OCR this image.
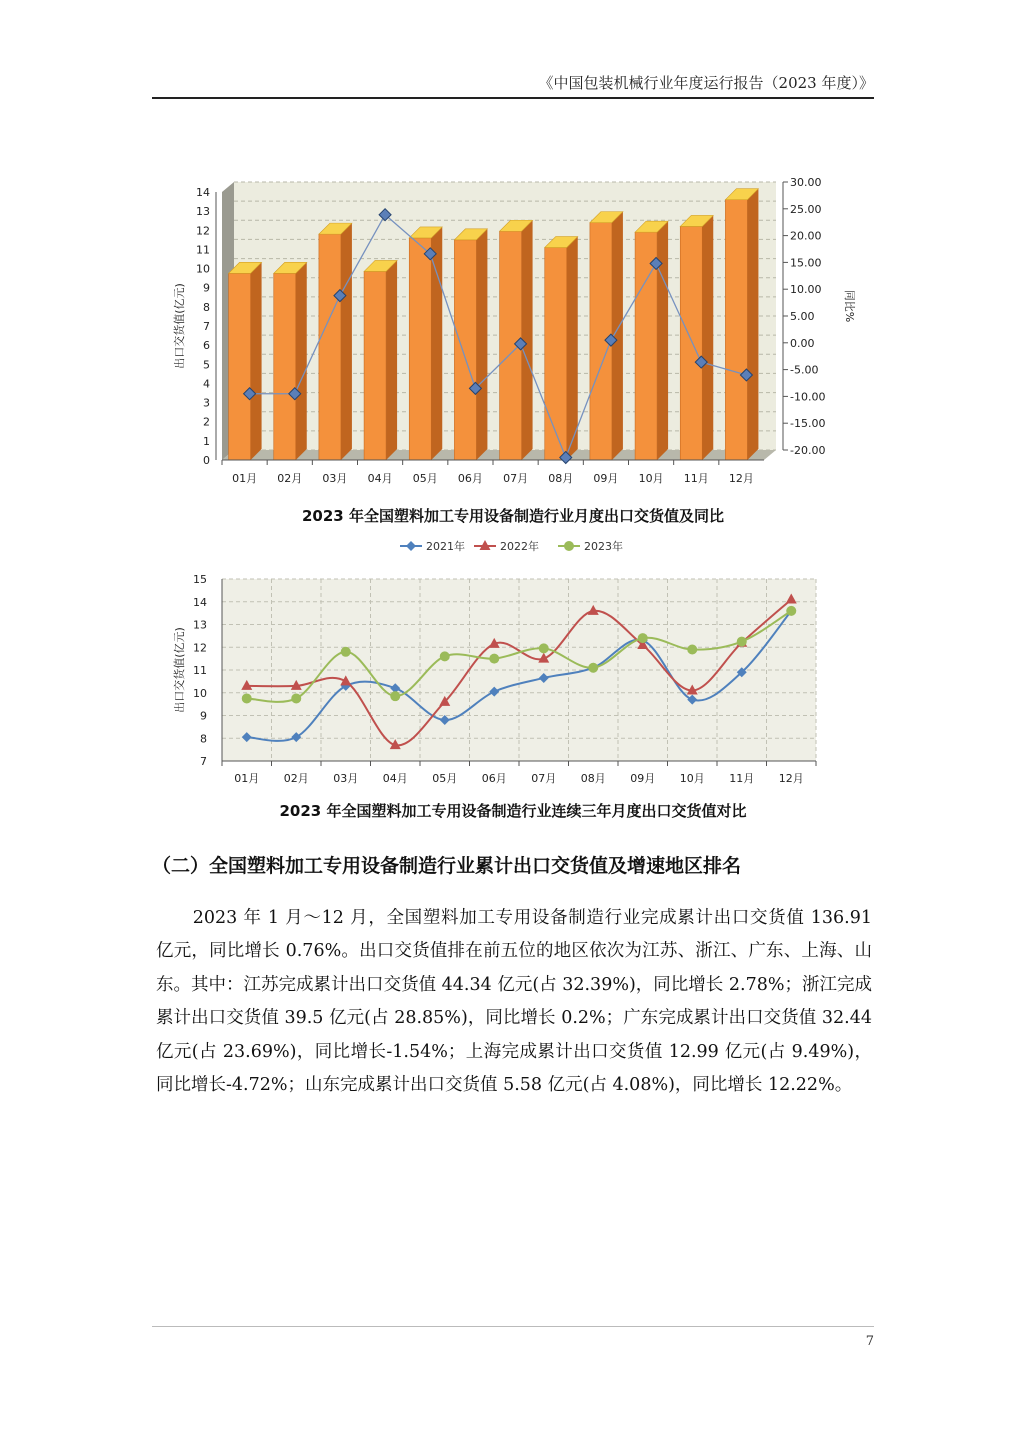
《中国包装机械行业年度运行报告（2023 年度）》
0
1
2
3
4
5
6
7
8
9
10
11
12
13
14
-20.00
-15.00
-10.00
-5.00
0.00
5.00
10.00
15.00
20.00
25.00
30.00
01月 02月 03月 04月 05月 06月 07月 08月 09月 10月 11月 12月
出口交货值(亿元)	同比%
2023 年全国塑料加工专用设备制造行业月度出口交货值及同比
7
8
9
10
11
12
13
14
15
01月 02月 03月 04月 05月 06月 07月 08月 09月 10月 11月 12月
出口交货值(亿元)
2021年	2022年	2023年
2023 年全国塑料加工专用设备制造行业连续三年月度出口交货值对比
（二）全国塑料加工专用设备制造行业累计出口交货值及增速地区排名

2023 年 1 月～12 月，全国塑料加工专用设备制造行业完成累计出口交货值 136.91 亿元，同比增长 0.76%。出口交货值排在前五位的地区依次为江苏、浙江、广东、上海、山东。其中：江苏完成累计出口交货值 44.34 亿元(占 32.39%)，同比增长 2.78%；浙江完成累计出口交货值 39.5 亿元(占 28.85%)，同比增长 0.2%；广东完成累计出口交货值 32.44 亿元(占 23.69%)，同比增长-1.54%；上海完成累计出口交货值 12.99 亿元(占 9.49%)，同比增长-4.72%；山东完成累计出口交货值 5.58 亿元(占 4.08%)，同比增长 12.22%。

7
